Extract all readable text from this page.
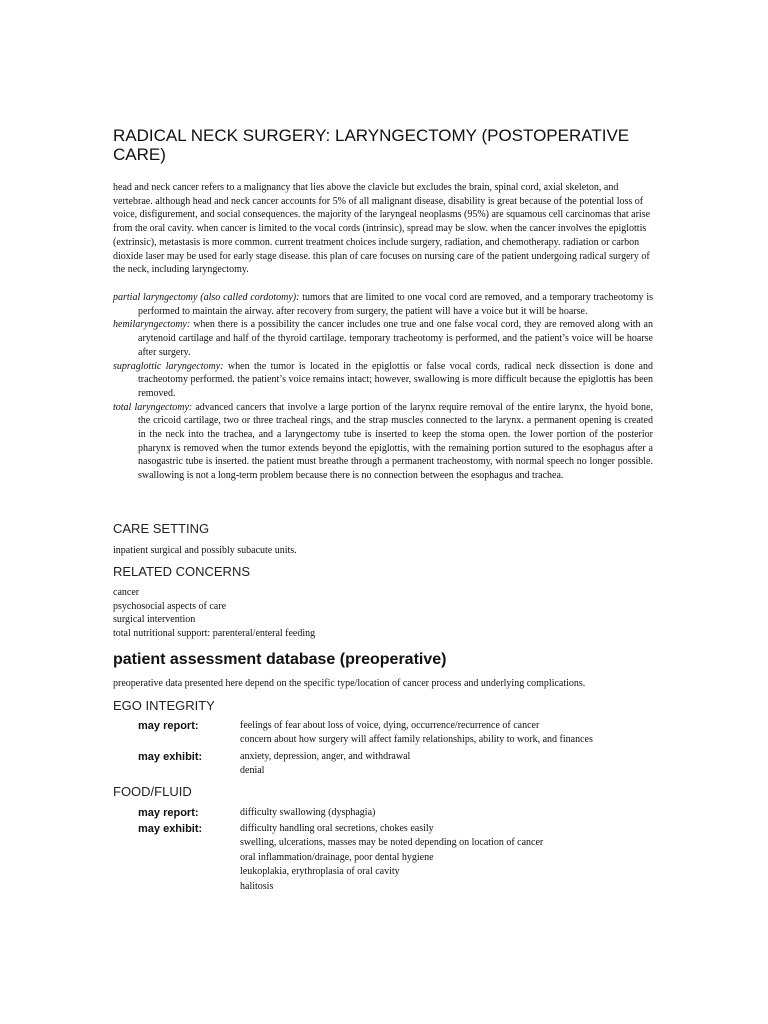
RADICAL NECK SURGERY: LARYNGECTOMY (POSTOPERATIVE CARE)

head and neck cancer refers to a malignancy that lies above the clavicle but excludes the brain, spinal cord, axial skeleton, and vertebrae. although head and neck cancer accounts for 5% of all malignant disease, disability is great because of the potential loss of voice, disfigurement, and social consequences. the majority of the laryngeal neoplasms (95%) are squamous cell carcinomas that arise from the oral cavity. when cancer is limited to the vocal cords (intrinsic), spread may be slow. when the cancer involves the epiglottis (extrinsic), metastasis is more common. current treatment choices include surgery, radiation, and chemotherapy. radiation or carbon dioxide laser may be used for early stage disease. this plan of care focuses on nursing care of the patient undergoing radical surgery of the neck, including laryngectomy.

partial laryngectomy (also called cordotomy): tumors that are limited to one vocal cord are removed, and a temporary tracheotomy is performed to maintain the airway. after recovery from surgery, the patient will have a voice but it will be hoarse.
hemilaryngectomy: when there is a possibility the cancer includes one true and one false vocal cord, they are removed along with an arytenoid cartilage and half of the thyroid cartilage. temporary tracheotomy is performed, and the patient’s voice will be hoarse after surgery.
supraglottic laryngectomy: when the tumor is located in the epiglottis or false vocal cords, radical neck dissection is done and tracheotomy performed. the patient’s voice remains intact; however, swallowing is more difficult because the epiglottis has been removed.
total laryngectomy: advanced cancers that involve a large portion of the larynx require removal of the entire larynx, the hyoid bone, the cricoid cartilage, two or three tracheal rings, and the strap muscles connected to the larynx. a permanent opening is created in the neck into the trachea, and a laryngectomy tube is inserted to keep the stoma open. the lower portion of the posterior pharynx is removed when the tumor extends beyond the epiglottis, with the remaining portion sutured to the esophagus after a nasogastric tube is inserted. the patient must breathe through a permanent tracheostomy, with normal speech no longer possible. swallowing is not a long-term problem because there is no connection between the esophagus and trachea.
CARE SETTING

inpatient surgical and possibly subacute units.

RELATED CONCERNS
cancer
psychosocial aspects of care
surgical intervention
total nutritional support: parenteral/enteral feeding
patient assessment database (preoperative)

preoperative data presented here depend on the specific type/location of cancer process and underlying complications.

EGO INTEGRITY
may report:	feelings of fear about loss of voice, dying, occurrence/recurrence of cancer
concern about how surgery will affect family relationships, ability to work, and finances
may exhibit:	anxiety, depression, anger, and withdrawal
denial
FOOD/FLUID
may report:	difficulty swallowing (dysphagia)
may exhibit:	difficulty handling oral secretions, chokes easily
swelling, ulcerations, masses may be noted depending on location of cancer
oral inflammation/drainage, poor dental hygiene
leukoplakia, erythroplasia of oral cavity
halitosis
